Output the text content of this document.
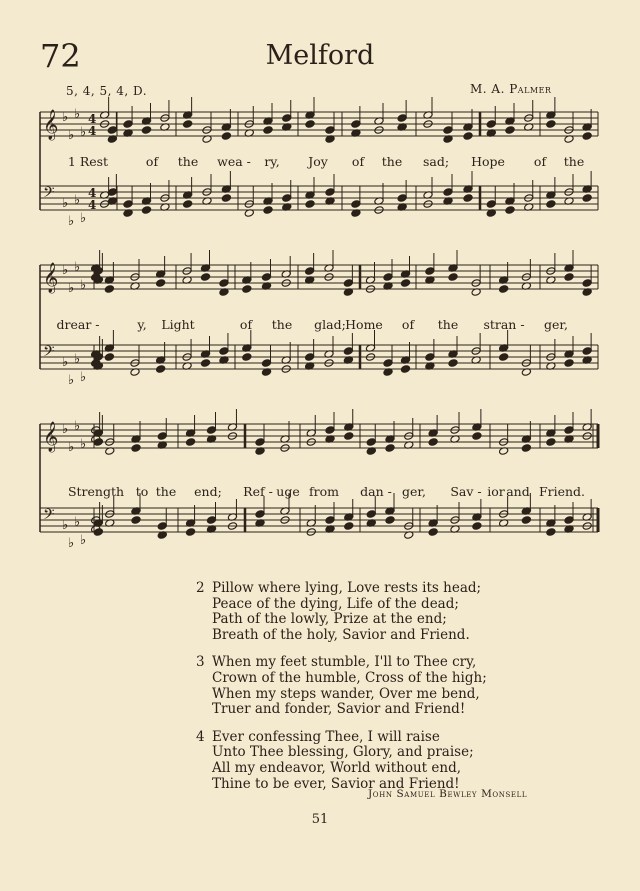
72	Melford
5, 4, 5, 4, D.	M. A. Palmer
𝄞 ♭
♭
♭
♭
4
4
𝄢 ♭
♭
♭
♭
4
4
𝄞 ♭
♭
♭
♭
𝄢 ♭
♭
♭
♭
𝄞 ♭
♭
♭
♭
𝄢 ♭
♭
♭
♭
1 Rest	of the wea - ry, Joy of the sad; Hope of the
drear -	y, Light	of the glad; Home of the stran - ger,
Strength to the end; Ref - uge from dan - ger, Sav - ior and Friend.
2 Pillow where lying, Love rests its head;
Peace of the dying, Life of the dead;
Path of the lowly, Prize at the end;
Breath of the holy, Savior and Friend.
3 When my feet stumble, I'll to Thee cry,
Crown of the humble, Cross of the high;
When my steps wander, Over me bend,
Truer and fonder, Savior and Friend!
4 Ever confessing Thee, I will raise
Unto Thee blessing, Glory, and praise;
All my endeavor, World without end,
Thine to be ever, Savior and Friend!
John Samuel Bewley Monsell
51
